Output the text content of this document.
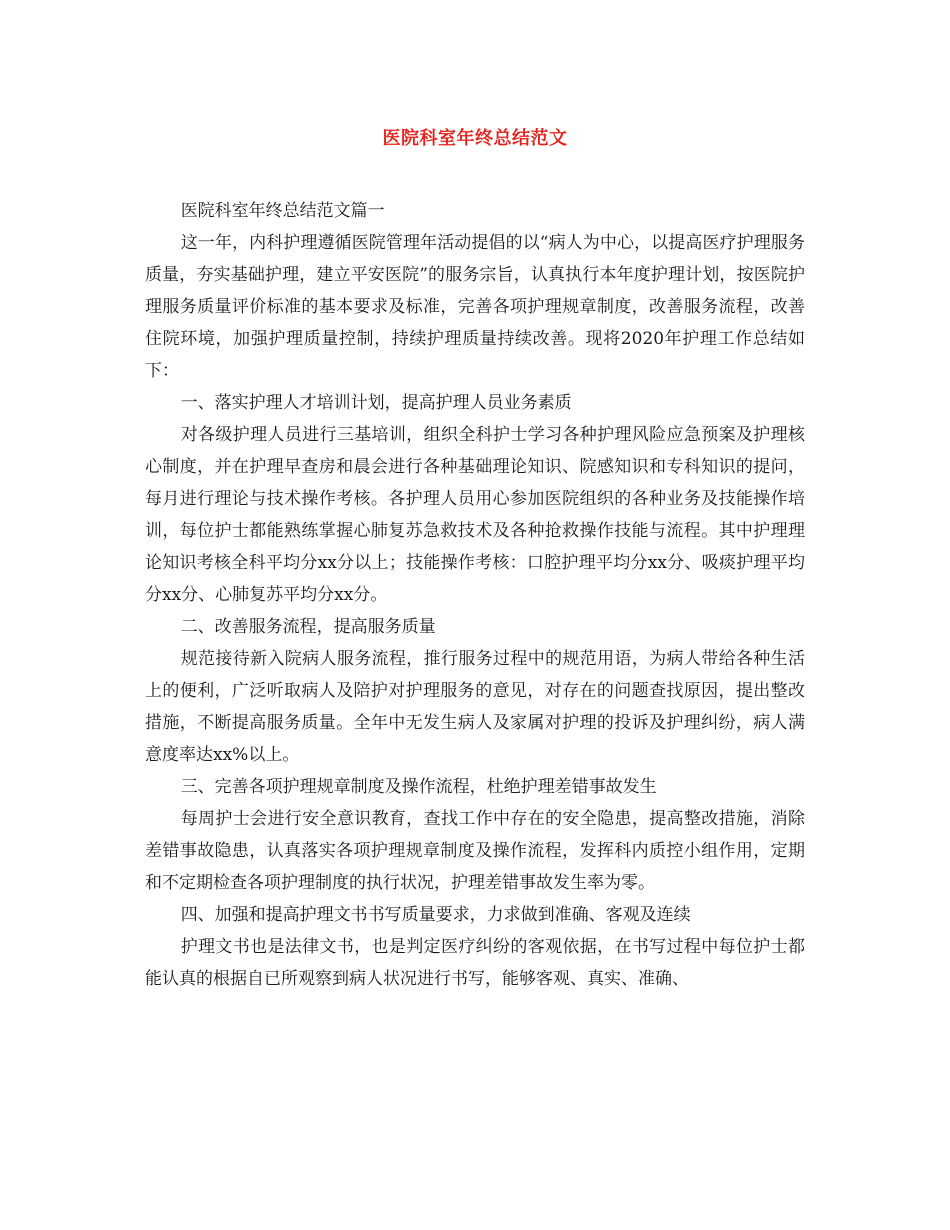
医院科室年终总结范文

医院科室年终总结范文篇一

这一年，内科护理遵循医院管理年活动提倡的以“病人为中心，以提高医疗护理服务质量，夯实基础护理，建立平安医院”的服务宗旨，认真执行本年度护理计划，按医院护理服务质量评价标准的基本要求及标准，完善各项护理规章制度，改善服务流程，改善住院环境，加强护理质量控制，持续护理质量持续改善。现将2020年护理工作总结如下：

一、落实护理人才培训计划，提高护理人员业务素质

对各级护理人员进行三基培训，组织全科护士学习各种护理风险应急预案及护理核心制度，并在护理早查房和晨会进行各种基础理论知识、院感知识和专科知识的提问，每月进行理论与技术操作考核。各护理人员用心参加医院组织的各种业务及技能操作培训，每位护士都能熟练掌握心肺复苏急救技术及各种抢救操作技能与流程。其中护理理论知识考核全科平均分xx分以上；技能操作考核：口腔护理平均分xx分、吸痰护理平均分xx分、心肺复苏平均分xx分。

二、改善服务流程，提高服务质量

规范接待新入院病人服务流程，推行服务过程中的规范用语，为病人带给各种生活上的便利，广泛听取病人及陪护对护理服务的意见，对存在的问题查找原因，提出整改措施，不断提高服务质量。全年中无发生病人及家属对护理的投诉及护理纠纷，病人满意度率达xx%以上。

三、完善各项护理规章制度及操作流程，杜绝护理差错事故发生

每周护士会进行安全意识教育，查找工作中存在的安全隐患，提高整改措施，消除差错事故隐患，认真落实各项护理规章制度及操作流程，发挥科内质控小组作用，定期和不定期检查各项护理制度的执行状况，护理差错事故发生率为零。

四、加强和提高护理文书书写质量要求，力求做到准确、客观及连续

护理文书也是法律文书，也是判定医疗纠纷的客观依据，在书写过程中每位护士都能认真的根据自已所观察到病人状况进行书写，能够客观、真实、准确、
